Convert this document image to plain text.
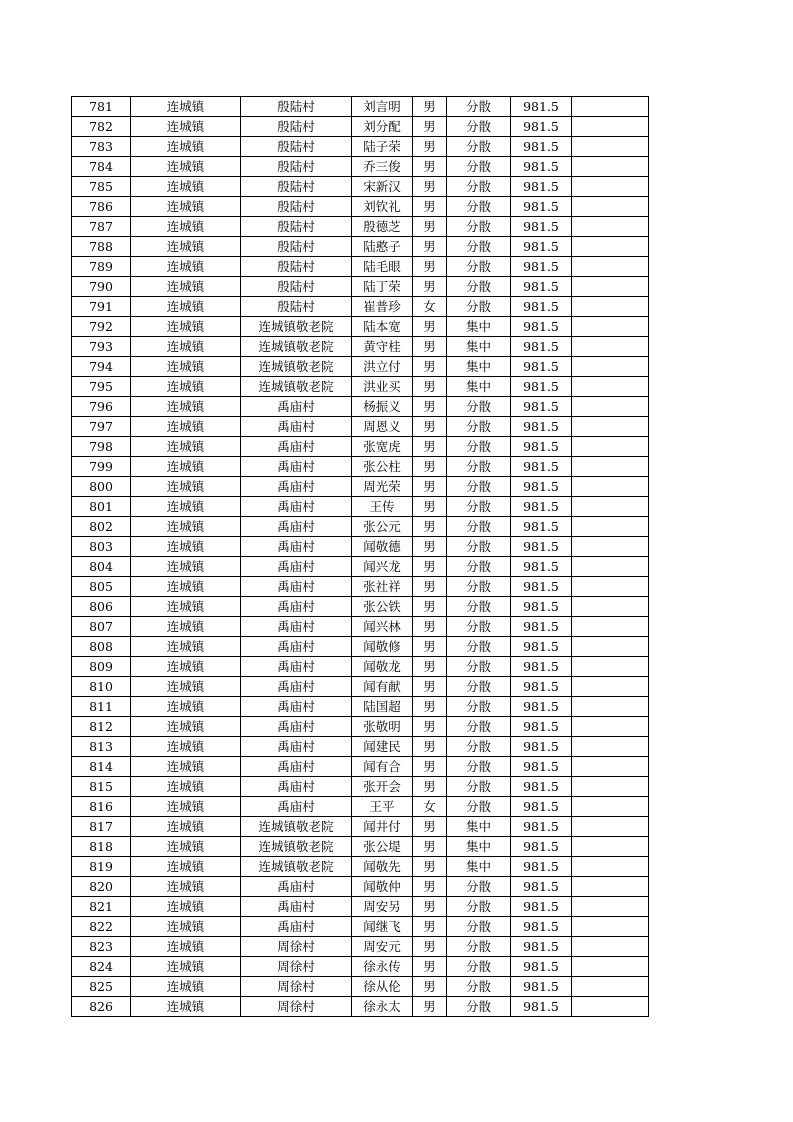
781	连城镇	殷陆村	刘言明	男	分散	981.5	
782	连城镇	殷陆村	刘分配	男	分散	981.5	
783	连城镇	殷陆村	陆子荣	男	分散	981.5	
784	连城镇	殷陆村	乔三俊	男	分散	981.5	
785	连城镇	殷陆村	宋新汉	男	分散	981.5	
786	连城镇	殷陆村	刘钦礼	男	分散	981.5	
787	连城镇	殷陆村	殷德芝	男	分散	981.5	
788	连城镇	殷陆村	陆憨子	男	分散	981.5	
789	连城镇	殷陆村	陆毛眼	男	分散	981.5	
790	连城镇	殷陆村	陆丁荣	男	分散	981.5	
791	连城镇	殷陆村	崔普珍	女	分散	981.5	
792	连城镇	连城镇敬老院	陆本宽	男	集中	981.5	
793	连城镇	连城镇敬老院	黄守桂	男	集中	981.5	
794	连城镇	连城镇敬老院	洪立付	男	集中	981.5	
795	连城镇	连城镇敬老院	洪业买	男	集中	981.5	
796	连城镇	禹庙村	杨振义	男	分散	981.5	
797	连城镇	禹庙村	周恩义	男	分散	981.5	
798	连城镇	禹庙村	张宽虎	男	分散	981.5	
799	连城镇	禹庙村	张公柱	男	分散	981.5	
800	连城镇	禹庙村	周光荣	男	分散	981.5	
801	连城镇	禹庙村	王传	男	分散	981.5	
802	连城镇	禹庙村	张公元	男	分散	981.5	
803	连城镇	禹庙村	闻敬德	男	分散	981.5	
804	连城镇	禹庙村	闻兴龙	男	分散	981.5	
805	连城镇	禹庙村	张社祥	男	分散	981.5	
806	连城镇	禹庙村	张公铁	男	分散	981.5	
807	连城镇	禹庙村	闻兴林	男	分散	981.5	
808	连城镇	禹庙村	闻敬修	男	分散	981.5	
809	连城镇	禹庙村	闻敬龙	男	分散	981.5	
810	连城镇	禹庙村	闻有献	男	分散	981.5	
811	连城镇	禹庙村	陆国超	男	分散	981.5	
812	连城镇	禹庙村	张敬明	男	分散	981.5	
813	连城镇	禹庙村	闻建民	男	分散	981.5	
814	连城镇	禹庙村	闻有合	男	分散	981.5	
815	连城镇	禹庙村	张开会	男	分散	981.5	
816	连城镇	禹庙村	王平	女	分散	981.5	
817	连城镇	连城镇敬老院	闻井付	男	集中	981.5	
818	连城镇	连城镇敬老院	张公堤	男	集中	981.5	
819	连城镇	连城镇敬老院	闻敬先	男	集中	981.5	
820	连城镇	禹庙村	闻敬仲	男	分散	981.5	
821	连城镇	禹庙村	周安另	男	分散	981.5	
822	连城镇	禹庙村	闻继飞	男	分散	981.5	
823	连城镇	周徐村	周安元	男	分散	981.5	
824	连城镇	周徐村	徐永传	男	分散	981.5	
825	连城镇	周徐村	徐从伦	男	分散	981.5	
826	连城镇	周徐村	徐永太	男	分散	981.5	
